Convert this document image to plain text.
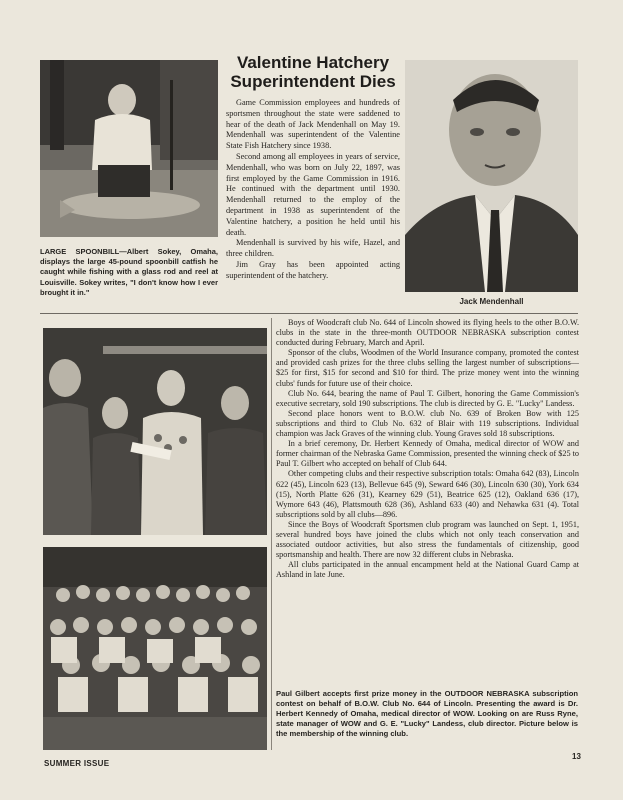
LARGE SPOONBILL—Albert Sokey, Omaha, displays the large 45-pound spoonbill catfish he caught while fishing with a glass rod and reel at Louisville. Sokey writes, "I don't know how I ever brought it in."
Valentine Hatchery Superintendent Dies

Game Commission employees and hundreds of sportsmen throughout the state were saddened to hear of the death of Jack Mendenhall on May 19. Mendenhall was superintendent of the Valentine State Fish Hatchery since 1938.

Second among all employees in years of service, Mendenhall, who was born on July 22, 1897, was first employed by the Game Commission in 1916. He continued with the department until 1930. Mendenhall returned to the employ of the department in 1938 as superintendent of the Valentine hatchery, a position he held until his death.

Mendenhall is survived by his wife, Hazel, and three children.

Jim Gray has been appointed acting superintendent of the hatchery.

Jack Mendenhall

Boys of Woodcraft club No. 644 of Lincoln showed its flying heels to the other B.O.W. clubs in the state in the three-month OUTDOOR NEBRASKA subscription contest conducted during February, March and April.

Sponsor of the clubs, Woodmen of the World Insurance company, promoted the contest and provided cash prizes for the three clubs selling the largest number of subscriptions—$25 for first, $15 for second and $10 for third. The prize money went into the winning clubs' funds for future use of their choice.

Club No. 644, bearing the name of Paul T. Gilbert, honoring the Game Commission's executive secretary, sold 190 subscriptions. The club is directed by G. E. "Lucky" Landess.

Second place honors went to B.O.W. club No. 639 of Broken Bow with 125 subscriptions and third to Club No. 632 of Blair with 119 subscriptions. Individual champion was Jack Graves of the winning club. Young Graves sold 18 subscriptions.

In a brief ceremony, Dr. Herbert Kennedy of Omaha, medical director of WOW and former chairman of the Nebraska Game Commission, presented the winning check of $25 to Paul T. Gilbert who accepted on behalf of Club 644.

Other competing clubs and their respective subscription totals: Omaha 642 (83), Lincoln 622 (45), Lincoln 623 (13), Bellevue 645 (9), Seward 646 (30), Lincoln 630 (30), York 634 (15), North Platte 626 (31), Kearney 629 (51), Beatrice 625 (12), Oakland 636 (17), Wymore 643 (46), Plattsmouth 628 (36), Ashland 633 (40) and Nehawka 631 (4). Total subscriptions sold by all clubs—896.

Since the Boys of Woodcraft Sportsmen club program was launched on Sept. 1, 1951, several hundred boys have joined the clubs which not only teach conservation and associated outdoor activities, but also stress the fundamentals of citizenship, good sportsmanship and health. There are now 32 different clubs in Nebraska.

All clubs participated in the annual encampment held at the National Guard Camp at Ashland in late June.

Paul Gilbert accepts first prize money in the OUTDOOR NEBRASKA subscription contest on behalf of B.O.W. Club No. 644 of Lincoln. Presenting the award is Dr. Herbert Kennedy of Omaha, medical director of WOW. Looking on are Russ Ryne, state manager of WOW and G. E. "Lucky" Landess, club director. Picture below is the membership of the winning club.
SUMMER ISSUE
13
